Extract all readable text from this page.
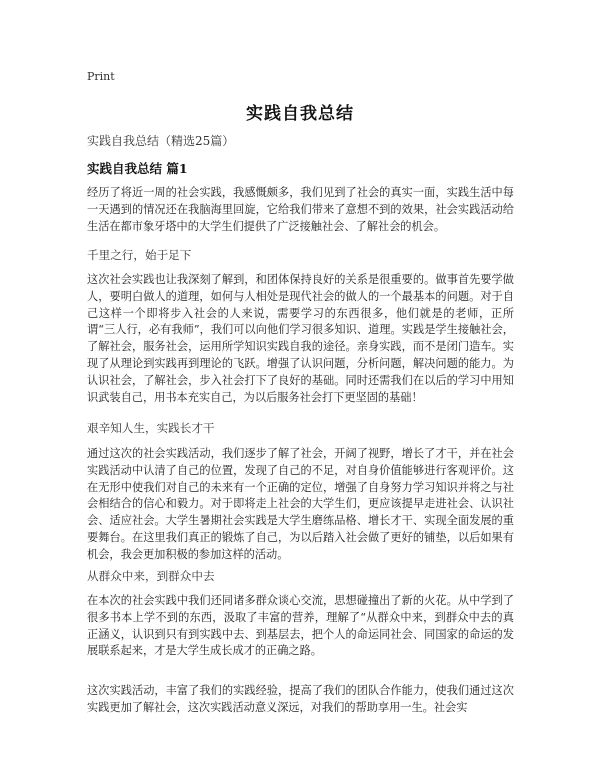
Print
实践自我总结
实践自我总结（精选25篇）
实践自我总结 篇1
经历了将近一周的社会实践，我感慨颇多，我们见到了社会的真实一面，实践生活中每一天遇到的情况还在我脑海里回旋，它给我们带来了意想不到的效果，社会实践活动给生活在都市象牙塔中的大学生们提供了广泛接触社会、了解社会的机会。
千里之行，始于足下
这次社会实践也让我深刻了解到，和团体保持良好的关系是很重要的。做事首先要学做人，要明白做人的道理，如何与人相处是现代社会的做人的一个最基本的问题。对于自己这样一个即将步入社会的人来说，需要学习的东西很多，他们就是的老师，正所谓“三人行，必有我师”，我们可以向他们学习很多知识、道理。实践是学生接触社会，了解社会，服务社会，运用所学知识实践自我的途径。亲身实践，而不是闭门造车。实现了从理论到实践再到理论的飞跃。增强了认识问题，分析问题，解决问题的能力。为认识社会，了解社会，步入社会打下了良好的基础。同时还需我们在以后的学习中用知识武装自己，用书本充实自己，为以后服务社会打下更坚固的基础！
艰辛知人生，实践长才干
通过这次的社会实践活动，我们逐步了解了社会，开阔了视野，增长了才干，并在社会实践活动中认清了自己的位置，发现了自己的不足，对自身价值能够进行客观评价。这在无形中使我们对自己的未来有一个正确的定位，增强了自身努力学习知识并将之与社会相结合的信心和毅力。对于即将走上社会的大学生们，更应该提早走进社会、认识社会、适应社会。大学生暑期社会实践是大学生磨练品格、增长才干、实现全面发展的重要舞台。在这里我们真正的锻炼了自己，为以后踏入社会做了更好的铺垫，以后如果有机会，我会更加积极的参加这样的活动。
从群众中来，到群众中去
在本次的社会实践中我们还同诸多群众谈心交流，思想碰撞出了新的火花。从中学到了很多书本上学不到的东西，汲取了丰富的营养，理解了“从群众中来，到群众中去的真正涵义，认识到只有到实践中去、到基层去，把个人的命运同社会、同国家的命运的发展联系起来，才是大学生成长成才的正确之路。
这次实践活动，丰富了我们的实践经验，提高了我们的团队合作能力，使我们通过这次实践更加了解社会，这次实践活动意义深远，对我们的帮助享用一生。社会实
